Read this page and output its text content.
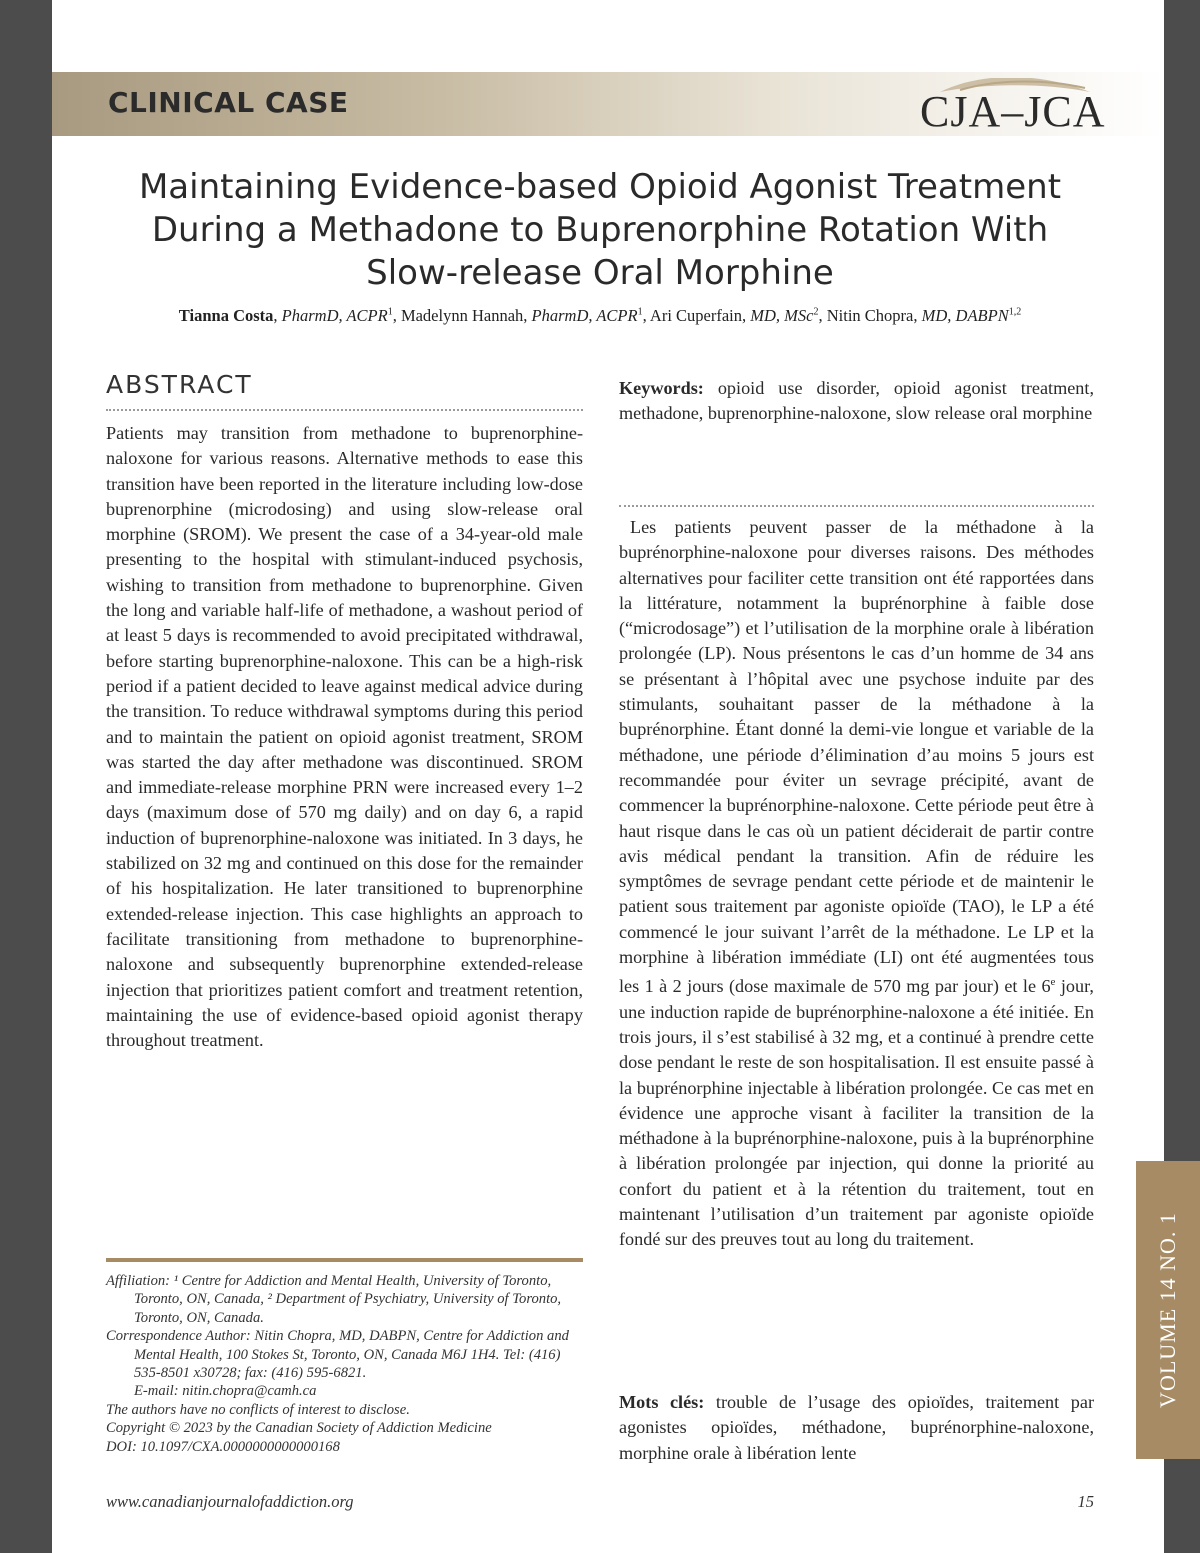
CLINICAL CASE	CJA–JCA
Maintaining Evidence-based Opioid Agonist Treatment During a Methadone to Buprenorphine Rotation With Slow-release Oral Morphine
Tianna Costa, PharmD, ACPR$^1$, Madelynn Hannah, PharmD, ACPR$^1$, Ari Cuperfain, MD, MSc$^2$, Nitin Chopra, MD, DABPN$^{1,2}$
ABSTRACT
Patients may transition from methadone to buprenorphine-naloxone for various reasons. Alternative methods to ease this transition have been reported in the literature including low-dose buprenorphine (microdosing) and using slow-release oral morphine (SROM). We present the case of a 34-year-old male presenting to the hospital with stimulant-induced psychosis, wishing to transition from methadone to buprenorphine. Given the long and variable half-life of methadone, a washout period of at least 5 days is recommended to avoid precipitated withdrawal, before starting buprenorphine-naloxone. This can be a high-risk period if a patient decided to leave against medical advice during the transition. To reduce withdrawal symptoms during this period and to maintain the patient on opioid agonist treatment, SROM was started the day after methadone was discontinued. SROM and immediate-release morphine PRN were increased every 1–2 days (maximum dose of 570 mg daily) and on day 6, a rapid induction of buprenorphine-naloxone was initiated. In 3 days, he stabilized on 32 mg and continued on this dose for the remainder of his hospitalization. He later transitioned to buprenorphine extended-release injection. This case highlights an approach to facilitate transitioning from methadone to buprenorphine-naloxone and subsequently buprenorphine extended-release injection that prioritizes patient comfort and treatment retention, maintaining the use of evidence-based opioid agonist therapy throughout treatment.

Affiliation: ¹ Centre for Addiction and Mental Health, University of Toronto, Toronto, ON, Canada, ² Department of Psychiatry, University of Toronto, Toronto, ON, Canada.

Correspondence Author: Nitin Chopra, MD, DABPN, Centre for Addiction and Mental Health, 100 Stokes St, Toronto, ON, Canada M6J 1H4. Tel: (416) 535-8501 x30728; fax: (416) 595-6821.

E-mail: nitin.chopra@camh.ca

The authors have no conflicts of interest to disclose.

Copyright © 2023 by the Canadian Society of Addiction Medicine

DOI: 10.1097/CXA.0000000000000168

Keywords: opioid use disorder, opioid agonist treatment, methadone, buprenorphine-naloxone, slow release oral morphine
Les patients peuvent passer de la méthadone à la buprénorphine-naloxone pour diverses raisons. Des méthodes alternatives pour faciliter cette transition ont été rapportées dans la littérature, notamment la buprénorphine à faible dose (“microdosage”) et l’utilisation de la morphine orale à libération prolongée (LP). Nous présentons le cas d’un homme de 34 ans se présentant à l’hôpital avec une psychose induite par des stimulants, souhaitant passer de la méthadone à la buprénorphine. Étant donné la demi-vie longue et variable de la méthadone, une période d’élimination d’au moins 5 jours est recommandée pour éviter un sevrage précipité, avant de commencer la buprénorphine-naloxone. Cette période peut être à haut risque dans le cas où un patient déciderait de partir contre avis médical pendant la transition. Afin de réduire les symptômes de sevrage pendant cette période et de maintenir le patient sous traitement par agoniste opioïde (TAO), le LP a été commencé le jour suivant l’arrêt de la méthadone. Le LP et la morphine à libération immédiate (LI) ont été augmentées tous les 1 à 2 jours (dose maximale de 570 mg par jour) et le 6e jour, une induction rapide de buprénorphine-naloxone a été initiée. En trois jours, il s’est stabilisé à 32 mg, et a continué à prendre cette dose pendant le reste de son hospitalisation. Il est ensuite passé à la buprénorphine injectable à libération prolongée. Ce cas met en évidence une approche visant à faciliter la transition de la méthadone à la buprénorphine-naloxone, puis à la buprénorphine à libération prolongée par injection, qui donne la priorité au confort du patient et à la rétention du traitement, tout en maintenant l’utilisation d’un traitement par agoniste opioïde fondé sur des preuves tout au long du traitement.
Mots clés: trouble de l’usage des opioïdes, traitement par agonistes opioïdes, méthadone, buprénorphine-naloxone, morphine orale à libération lente
VOLUME 14 NO. 1
www.canadianjournalofaddiction.org	15
